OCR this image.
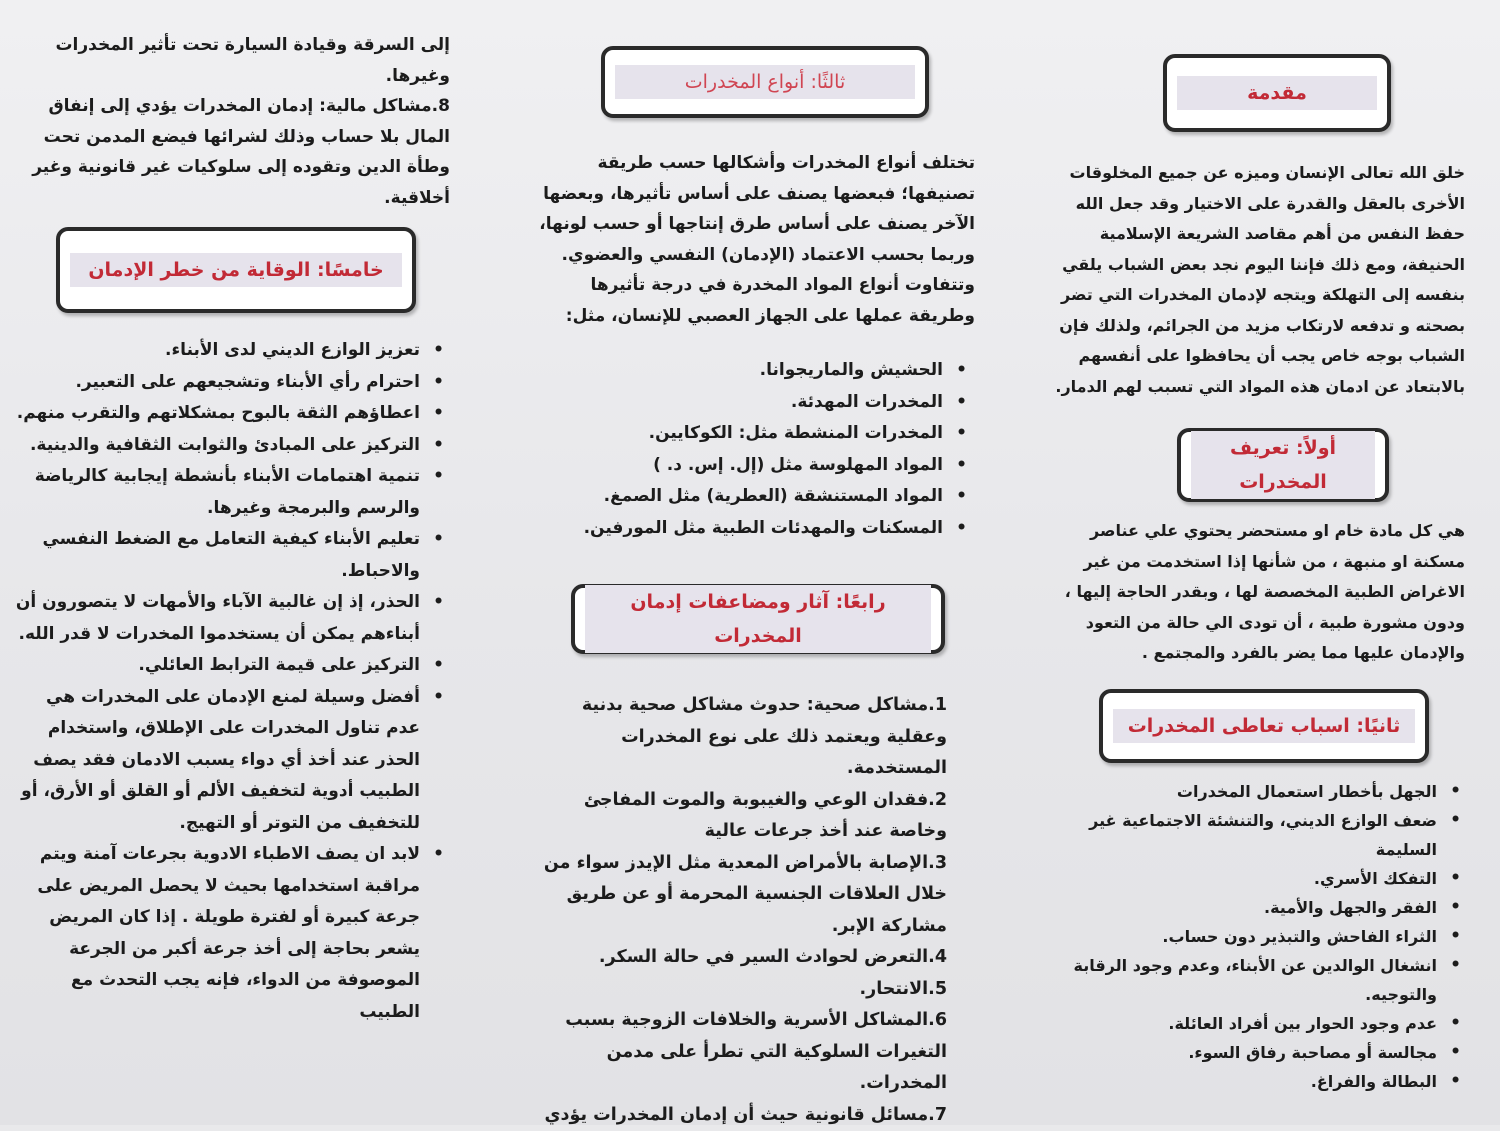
مقدمة

خلق الله تعالى الإنسان وميزه عن جميع المخلوقات الأخرى بالعقل والقدرة على الاختيار وقد جعل الله حفظ النفس من أهم مقاصد الشريعة الإسلامية الحنيفة، ومع ذلك فإننا اليوم نجد بعض الشباب يلقي بنفسه إلى التهلكة ويتجه لإدمان المخدرات التي تضر بصحته و تدفعه لارتكاب مزيد من الجرائم، ولذلك فإن الشباب بوجه خاص يجب أن يحافظوا على أنفسهم بالابتعاد عن ادمان هذه المواد التي تسبب لهم الدمار.

أولاً: تعريف المخدرات

هي كل مادة خام او مستحضر يحتوي علي عناصر مسكنة او منبهة ، من شأنها إذا استخدمت من غير الاغراض الطبية المخصصة لها ، وبقدر الحاجة إليها ، ودون مشورة طبية ، أن تودى الي حالة من التعود والإدمان عليها مما يضر بالفرد والمجتمع .

ثانيًا: اسباب تعاطى المخدرات
• الجهل بأخطار استعمال المخدرات
• ضعف الوازع الديني، والتنشئة الاجتماعية غير السليمة
• التفكك الأسري.
• الفقر والجهل والأمية.
• الثراء الفاحش والتبذير دون حساب.
• انشغال الوالدين عن الأبناء، وعدم وجود الرقابة والتوجيه.
• عدم وجود الحوار بين أفراد العائلة.
• مجالسة أو مصاحبة رفاق السوء.
• البطالة والفراغ.
ثالثًا: أنواع المخدرات

تختلف أنواع المخدرات وأشكالها حسب طريقة تصنيفها؛ فبعضها يصنف على أساس تأثيرها، وبعضها الآخر يصنف على أساس طرق إنتاجها أو حسب لونها، وربما بحسب الاعتماد (الإدمان) النفسي والعضوي. وتتفاوت أنواع المواد المخدرة في درجة تأثيرها وطريقة عملها على الجهاز العصبي للإنسان، مثل:

• الحشيش والماريجوانا.
• المخدرات المهدئة.
• المخدرات المنشطة مثل: الكوكايين.
• المواد المهلوسة مثل (إل. إس. د. )
• المواد المستنشقة (العطرية) مثل الصمغ.
• المسكنات والمهدئات الطبية مثل المورفين.
رابعًا: آثار ومضاعفات إدمان المخدرات

1.مشاكل صحية: حدوث مشاكل صحية بدنية وعقلية ويعتمد ذلك على نوع المخدرات المستخدمة.

2.فقدان الوعي والغيبوبة والموت المفاجئ وخاصة عند أخذ جرعات عالية

3.الإصابة بالأمراض المعدية مثل الإيدز سواء من خلال العلاقات الجنسية المحرمة أو عن طريق مشاركة الإبر.

4.التعرض لحوادث السير في حالة السكر.

5.الانتحار.

6.المشاكل الأسرية والخلافات الزوجية بسبب التغيرات السلوكية التي تطرأ على مدمن المخدرات.

7.مسائل قانونية حيث أن إدمان المخدرات يؤدي

إلى السرقة وقيادة السيارة تحت تأثير المخدرات وغيرها.

8.مشاكل مالية: إدمان المخدرات يؤدي إلى إنفاق المال بلا حساب وذلك لشرائها فيضع المدمن تحت وطأة الدين وتقوده إلى سلوكيات غير قانونية وغير أخلاقية.

خامسًا: الوقاية من خطر الإدمان
• تعزيز الوازع الديني لدى الأبناء.
• احترام رأي الأبناء وتشجيعهم على التعبير.
• اعطاؤهم الثقة بالبوح بمشكلاتهم والتقرب منهم.
• التركيز على المبادئ والثوابت الثقافية والدينية.
• تنمية اهتمامات الأبناء بأنشطة إيجابية كالرياضة والرسم والبرمجة وغيرها.
• تعليم الأبناء كيفية التعامل مع الضغط النفسي والاحباط.
• الحذر، إذ إن غالبية الآباء والأمهات لا يتصورون أن أبناءهم يمكن أن يستخدموا المخدرات لا قدر الله.
• التركيز على قيمة الترابط العائلي.
• أفضل وسيلة لمنع الإدمان على المخدرات هي عدم تناول المخدرات على الإطلاق، واستخدام الحذر عند أخذ أي دواء يسبب الادمان فقد يصف الطبيب أدوية لتخفيف الألم أو القلق أو الأرق، أو للتخفيف من التوتر أو التهيج.
• لابد ان يصف الاطباء الادوية بجرعات آمنة ويتم مراقبة استخدامها بحيث لا يحصل المريض على جرعة كبيرة أو لفترة طويلة . إذا كان المريض يشعر بحاجة إلى أخذ جرعة أكبر من الجرعة الموصوفة من الدواء، فإنه يجب التحدث مع الطبيب
